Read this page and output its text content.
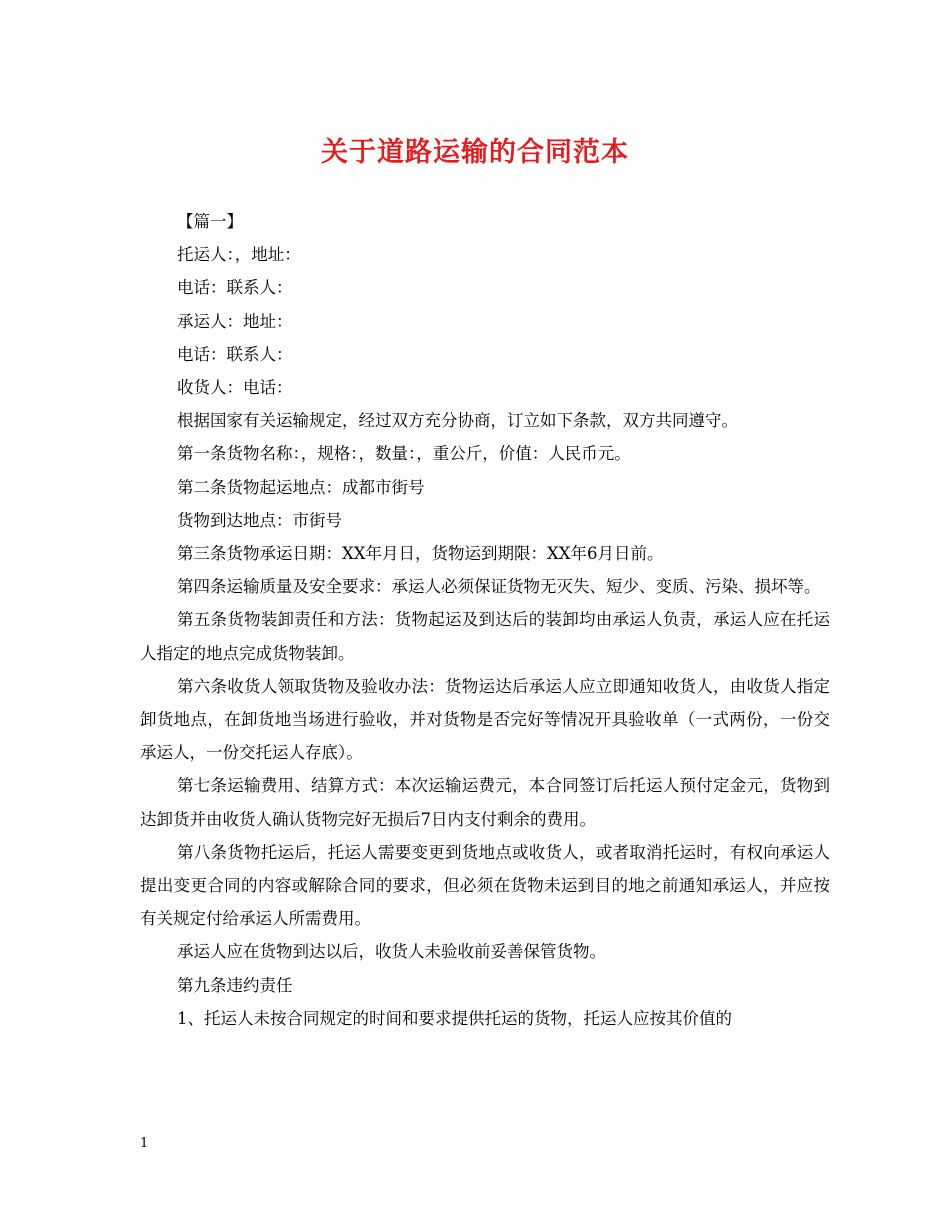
关于道路运输的合同范本

【篇一】

托运人：，地址：

电话：联系人：

承运人：地址：

电话：联系人：

收货人：电话：

根据国家有关运输规定，经过双方充分协商，订立如下条款，双方共同遵守。

第一条货物名称：，规格：，数量：，重公斤，价值：人民币元。

第二条货物起运地点：成都市街号

货物到达地点：市街号

第三条货物承运日期：XX年月日，货物运到期限：XX年6月日前。

第四条运输质量及安全要求：承运人必须保证货物无灭失、短少、变质、污染、损坏等。

第五条货物装卸责任和方法：货物起运及到达后的装卸均由承运人负责，承运人应在托运人指定的地点完成货物装卸。

第六条收货人领取货物及验收办法：货物运达后承运人应立即通知收货人，由收货人指定卸货地点，在卸货地当场进行验收，并对货物是否完好等情况开具验收单（一式两份，一份交承运人，一份交托运人存底）。

第七条运输费用、结算方式：本次运输运费元，本合同签订后托运人预付定金元，货物到达卸货并由收货人确认货物完好无损后7日内支付剩余的费用。

第八条货物托运后，托运人需要变更到货地点或收货人，或者取消托运时，有权向承运人提出变更合同的内容或解除合同的要求，但必须在货物未运到目的地之前通知承运人，并应按有关规定付给承运人所需费用。

承运人应在货物到达以后，收货人未验收前妥善保管货物。

第九条违约责任

1、托运人未按合同规定的时间和要求提供托运的货物，托运人应按其价值的

1
